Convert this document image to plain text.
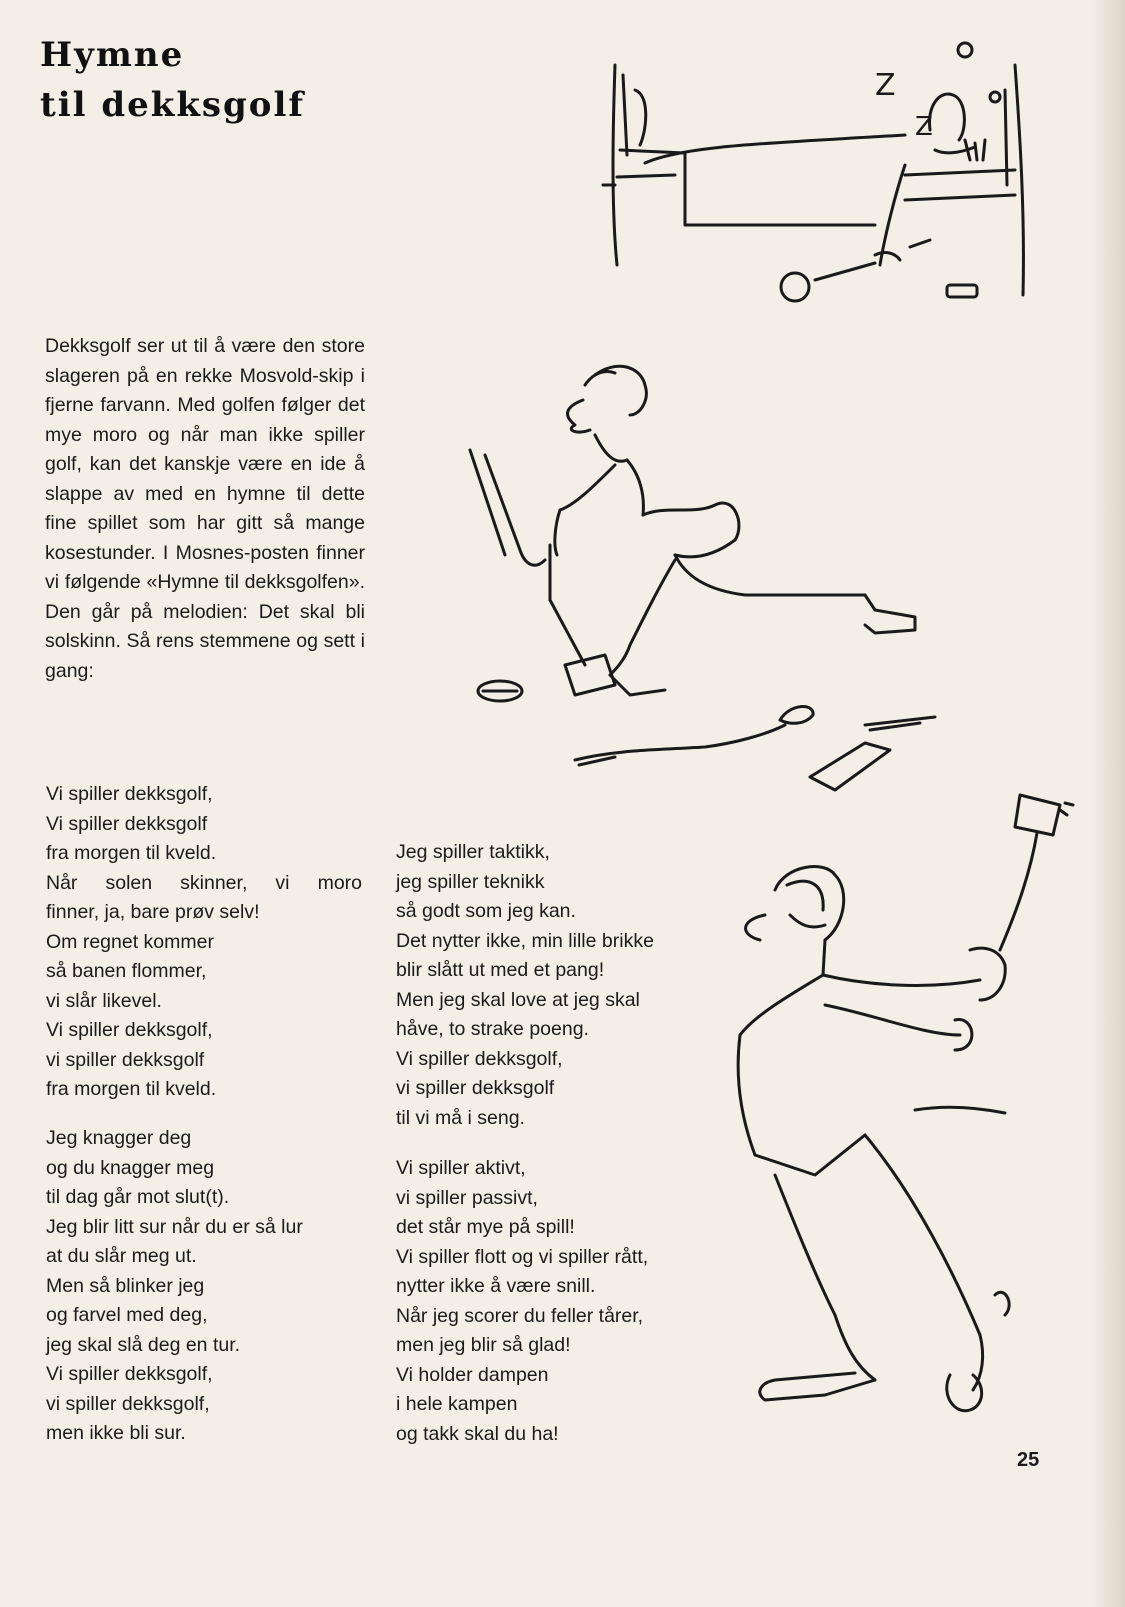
Hymne
til dekksgolf

Dekksgolf ser ut til å være den store slageren på en rekke Mosvold-skip i fjerne farvann. Med golfen følger det mye moro og når man ikke spiller golf, kan det kanskje være en ide å slappe av med en hymne til dette fine spillet som har gitt så mange kosestunder. I Mosnes-posten finner vi følgende «Hymne til dekksgolfen». Den går på melodien: Det skal bli solskinn. Så rens stemmene og sett i gang:

Vi spiller dekksgolf,
Vi spiller dekksgolf
fra morgen til kveld.
Når solen skinner, vi moro
finner, ja, bare prøv selv!
Om regnet kommer
så banen flommer,
vi slår likevel.
Vi spiller dekksgolf,
vi spiller dekksgolf
fra morgen til kveld.
Jeg knagger deg
og du knagger meg
til dag går mot slut(t).
Jeg blir litt sur når du er så lur
at du slår meg ut.
Men så blinker jeg
og farvel med deg,
jeg skal slå deg en tur.
Vi spiller dekksgolf,
vi spiller dekksgolf,
men ikke bli sur.
Jeg spiller taktikk,
jeg spiller teknikk
så godt som jeg kan.
Det nytter ikke, min lille brikke
blir slått ut med et pang!
Men jeg skal love at jeg skal
håve, to strake poeng.
Vi spiller dekksgolf,
vi spiller dekksgolf
til vi må i seng.
Vi spiller aktivt,
vi spiller passivt,
det står mye på spill!
Vi spiller flott og vi spiller rått,
nytter ikke å være snill.
Når jeg scorer du feller tårer,
men jeg blir så glad!
Vi holder dampen
i hele kampen
og takk skal du ha!
Z
Z
25
